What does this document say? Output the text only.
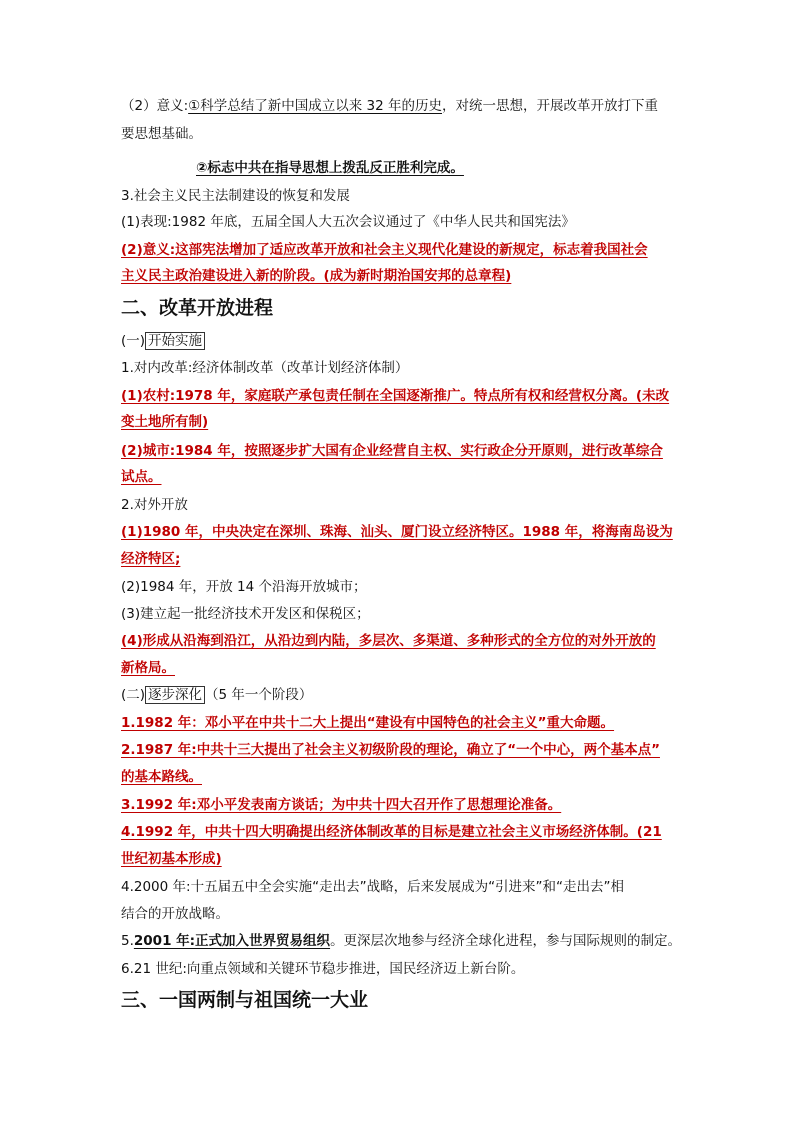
（2）意义:①科学总结了新中国成立以来 32 年的历史，对统一思想，开展改革开放打下重
要思想基础。
②标志中共在指导思想上拨乱反正胜利完成。
3.社会主义民主法制建设的恢复和发展
(1)表现:1982 年底，五届全国人大五次会议通过了《中华人民共和国宪法》
(2)意义:这部宪法增加了适应改革开放和社会主义现代化建设的新规定，标志着我国社会
主义民主政治建设进入新的阶段。(成为新时期治国安邦的总章程)
二、改革开放进程
(一) 开始实施
1.对内改革:经济体制改革（改革计划经济体制）
(1)农村:1978 年，家庭联产承包责任制在全国逐渐推广。特点所有权和经营权分离。(未改
变土地所有制)
(2)城市:1984 年，按照逐步扩大国有企业经营自主权、实行政企分开原则，进行改革综合
试点。
2.对外开放
(1)1980 年，中央决定在深圳、珠海、汕头、厦门设立经济特区。1988 年，将海南岛设为
经济特区;
(2)1984 年，开放 14 个沿海开放城市；
(3)建立起一批经济技术开发区和保税区；
(4)形成从沿海到沿江，从沿边到内陆，多层次、多渠道、多种形式的全方位的对外开放的
新格局。
(二) 逐步深化 （5 年一个阶段）
1.1982 年：邓小平在中共十二大上提出“建设有中国特色的社会主义”重大命题。
2.1987 年:中共十三大提出了社会主义初级阶段的理论，确立了“一个中心，两个基本点”
的基本路线。
3.1992 年:邓小平发表南方谈话；为中共十四大召开作了思想理论准备。
4.1992 年，中共十四大明确提出经济体制改革的目标是建立社会主义市场经济体制。(21
世纪初基本形成)
4.2000 年:十五届五中全会实施“走出去”战略，后来发展成为“引进来”和“走出去”相
结合的开放战略。
5.2001 年:正式加入世界贸易组织。更深层次地参与经济全球化进程，参与国际规则的制定。
6.21 世纪:向重点领域和关键环节稳步推进，国民经济迈上新台阶。
三、一国两制与祖国统一大业
